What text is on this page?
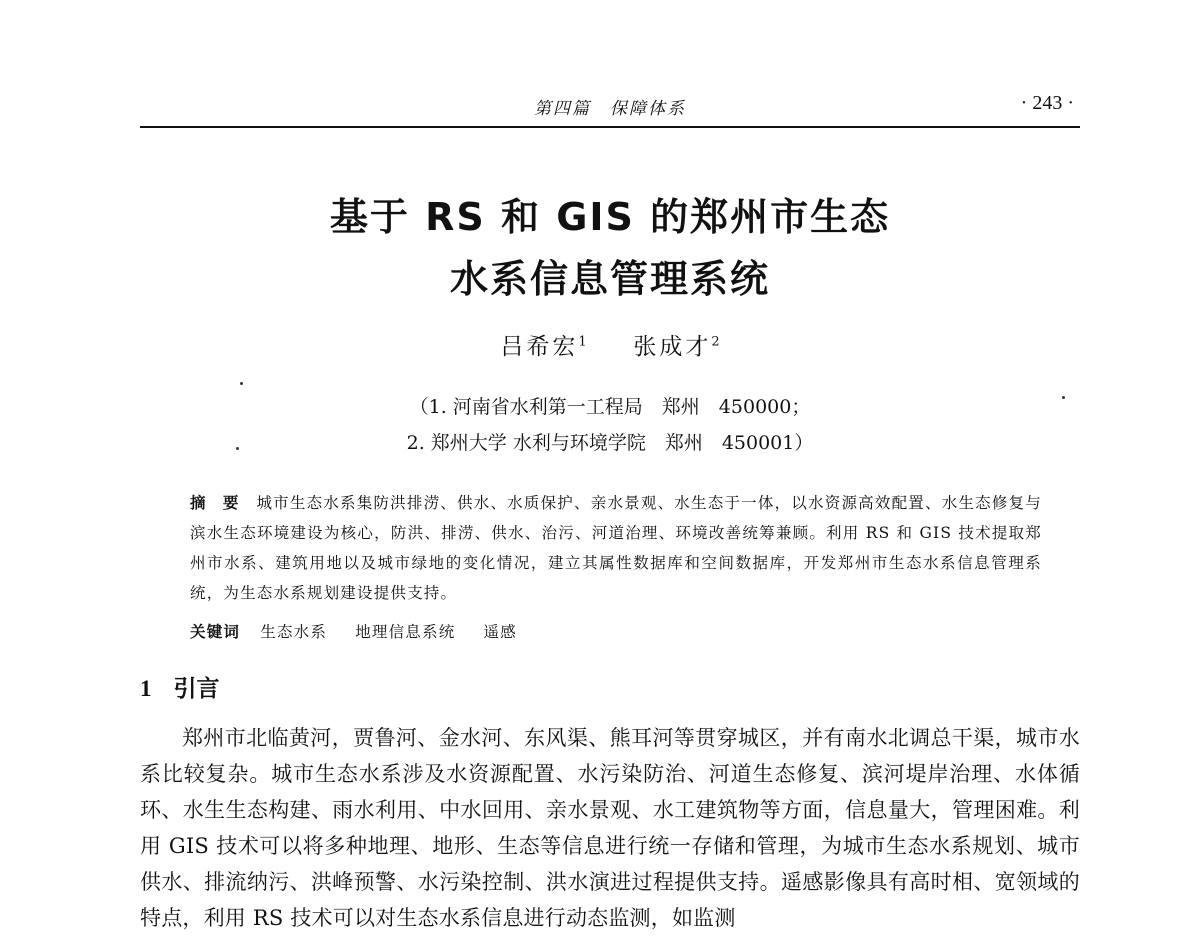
第四篇　保障体系	· 243 ·
基于 RS 和 GIS 的郑州市生态
水系信息管理系统
吕希宏$^1$ 张成才$^2$
（1. 河南省水利第一工程局　郑州　450000；
2. 郑州大学 水利与环境学院　郑州　450001）
摘 要 城市生态水系集防洪排涝、供水、水质保护、亲水景观、水生态于一体，以水资源高效配置、水生态修复与滨水生态环境建设为核心，防洪、排涝、供水、治污、河道治理、环境改善统筹兼顾。利用 RS 和 GIS 技术提取郑州市水系、建筑用地以及城市绿地的变化情况，建立其属性数据库和空间数据库，开发郑州市生态水系信息管理系统，为生态水系规划建设提供支持。
关键词 生态水系 地理信息系统 遥感
1 引言

郑州市北临黄河，贾鲁河、金水河、东风渠、熊耳河等贯穿城区，并有南水北调总干渠，城市水系比较复杂。城市生态水系涉及水资源配置、水污染防治、河道生态修复、滨河堤岸治理、水体循环、水生生态构建、雨水利用、中水回用、亲水景观、水工建筑物等方面，信息量大，管理困难。利用 GIS 技术可以将多种地理、地形、生态等信息进行统一存储和管理，为城市生态水系规划、城市供水、排流纳污、洪峰预警、水污染控制、洪水演进过程提供支持。遥感影像具有高时相、宽领域的特点，利用 RS 技术可以对生态水系信息进行动态监测，如监测
